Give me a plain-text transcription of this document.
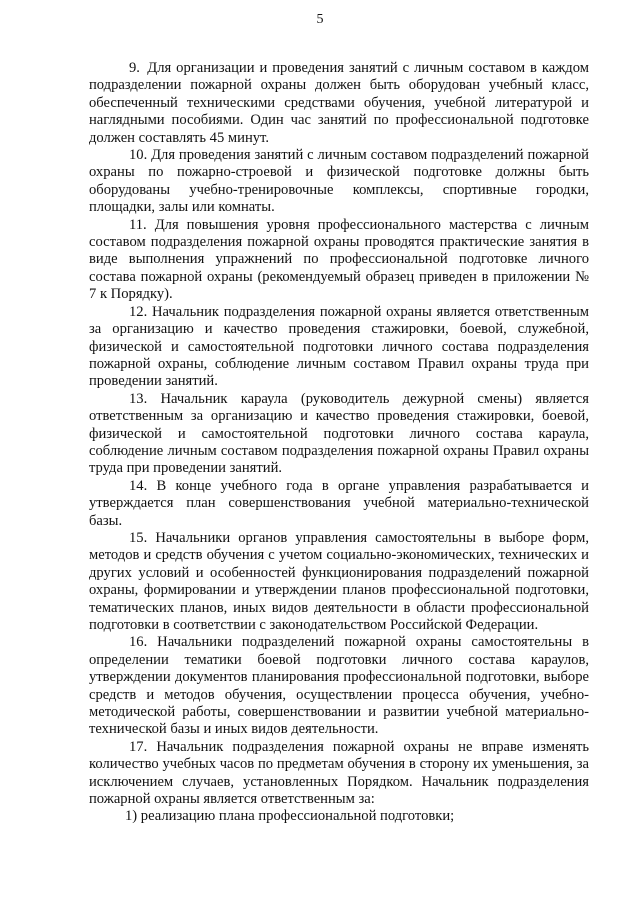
5

9. Для организации и проведения занятий с личным составом в каждом подразделении пожарной охраны должен быть оборудован учебный класс, обеспеченный техническими средствами обучения, учебной литературой и наглядными пособиями. Один час занятий по профессиональной подготовке должен составлять 45 минут.

10. Для проведения занятий с личным составом подразделений пожарной охраны по пожарно-строевой и физической подготовке должны быть оборудованы учебно-тренировочные комплексы, спортивные городки, площадки, залы или комнаты.

11. Для повышения уровня профессионального мастерства с личным составом подразделения пожарной охраны проводятся практические занятия в виде выполнения упражнений по профессиональной подготовке личного состава пожарной охраны (рекомендуемый образец приведен в приложении № 7 к Порядку).

12. Начальник подразделения пожарной охраны является ответственным за организацию и качество проведения стажировки, боевой, служебной, физической и самостоятельной подготовки личного состава подразделения пожарной охраны, соблюдение личным составом Правил охраны труда при проведении занятий.

13. Начальник караула (руководитель дежурной смены) является ответственным за организацию и качество проведения стажировки, боевой, физической и самостоятельной подготовки личного состава караула, соблюдение личным составом подразделения пожарной охраны Правил охраны труда при проведении занятий.

14. В конце учебного года в органе управления разрабатывается и утверждается план совершенствования учебной материально-технической базы.

15. Начальники органов управления самостоятельны в выборе форм, методов и средств обучения с учетом социально-экономических, технических и других условий и особенностей функционирования подразделений пожарной охраны, формировании и утверждении планов профессиональной подготовки, тематических планов, иных видов деятельности в области профессиональной подготовки в соответствии с законодательством Российской Федерации.

16. Начальники подразделений пожарной охраны самостоятельны в определении тематики боевой подготовки личного состава караулов, утверждении документов планирования профессиональной подготовки, выборе средств и методов обучения, осуществлении процесса обучения, учебно-методической работы, совершенствовании и развитии учебной материально-технической базы и иных видов деятельности.

17. Начальник подразделения пожарной охраны не вправе изменять количество учебных часов по предметам обучения в сторону их уменьшения, за исключением случаев, установленных Порядком. Начальник подразделения пожарной охраны является ответственным за:

1) реализацию плана профессиональной подготовки;
